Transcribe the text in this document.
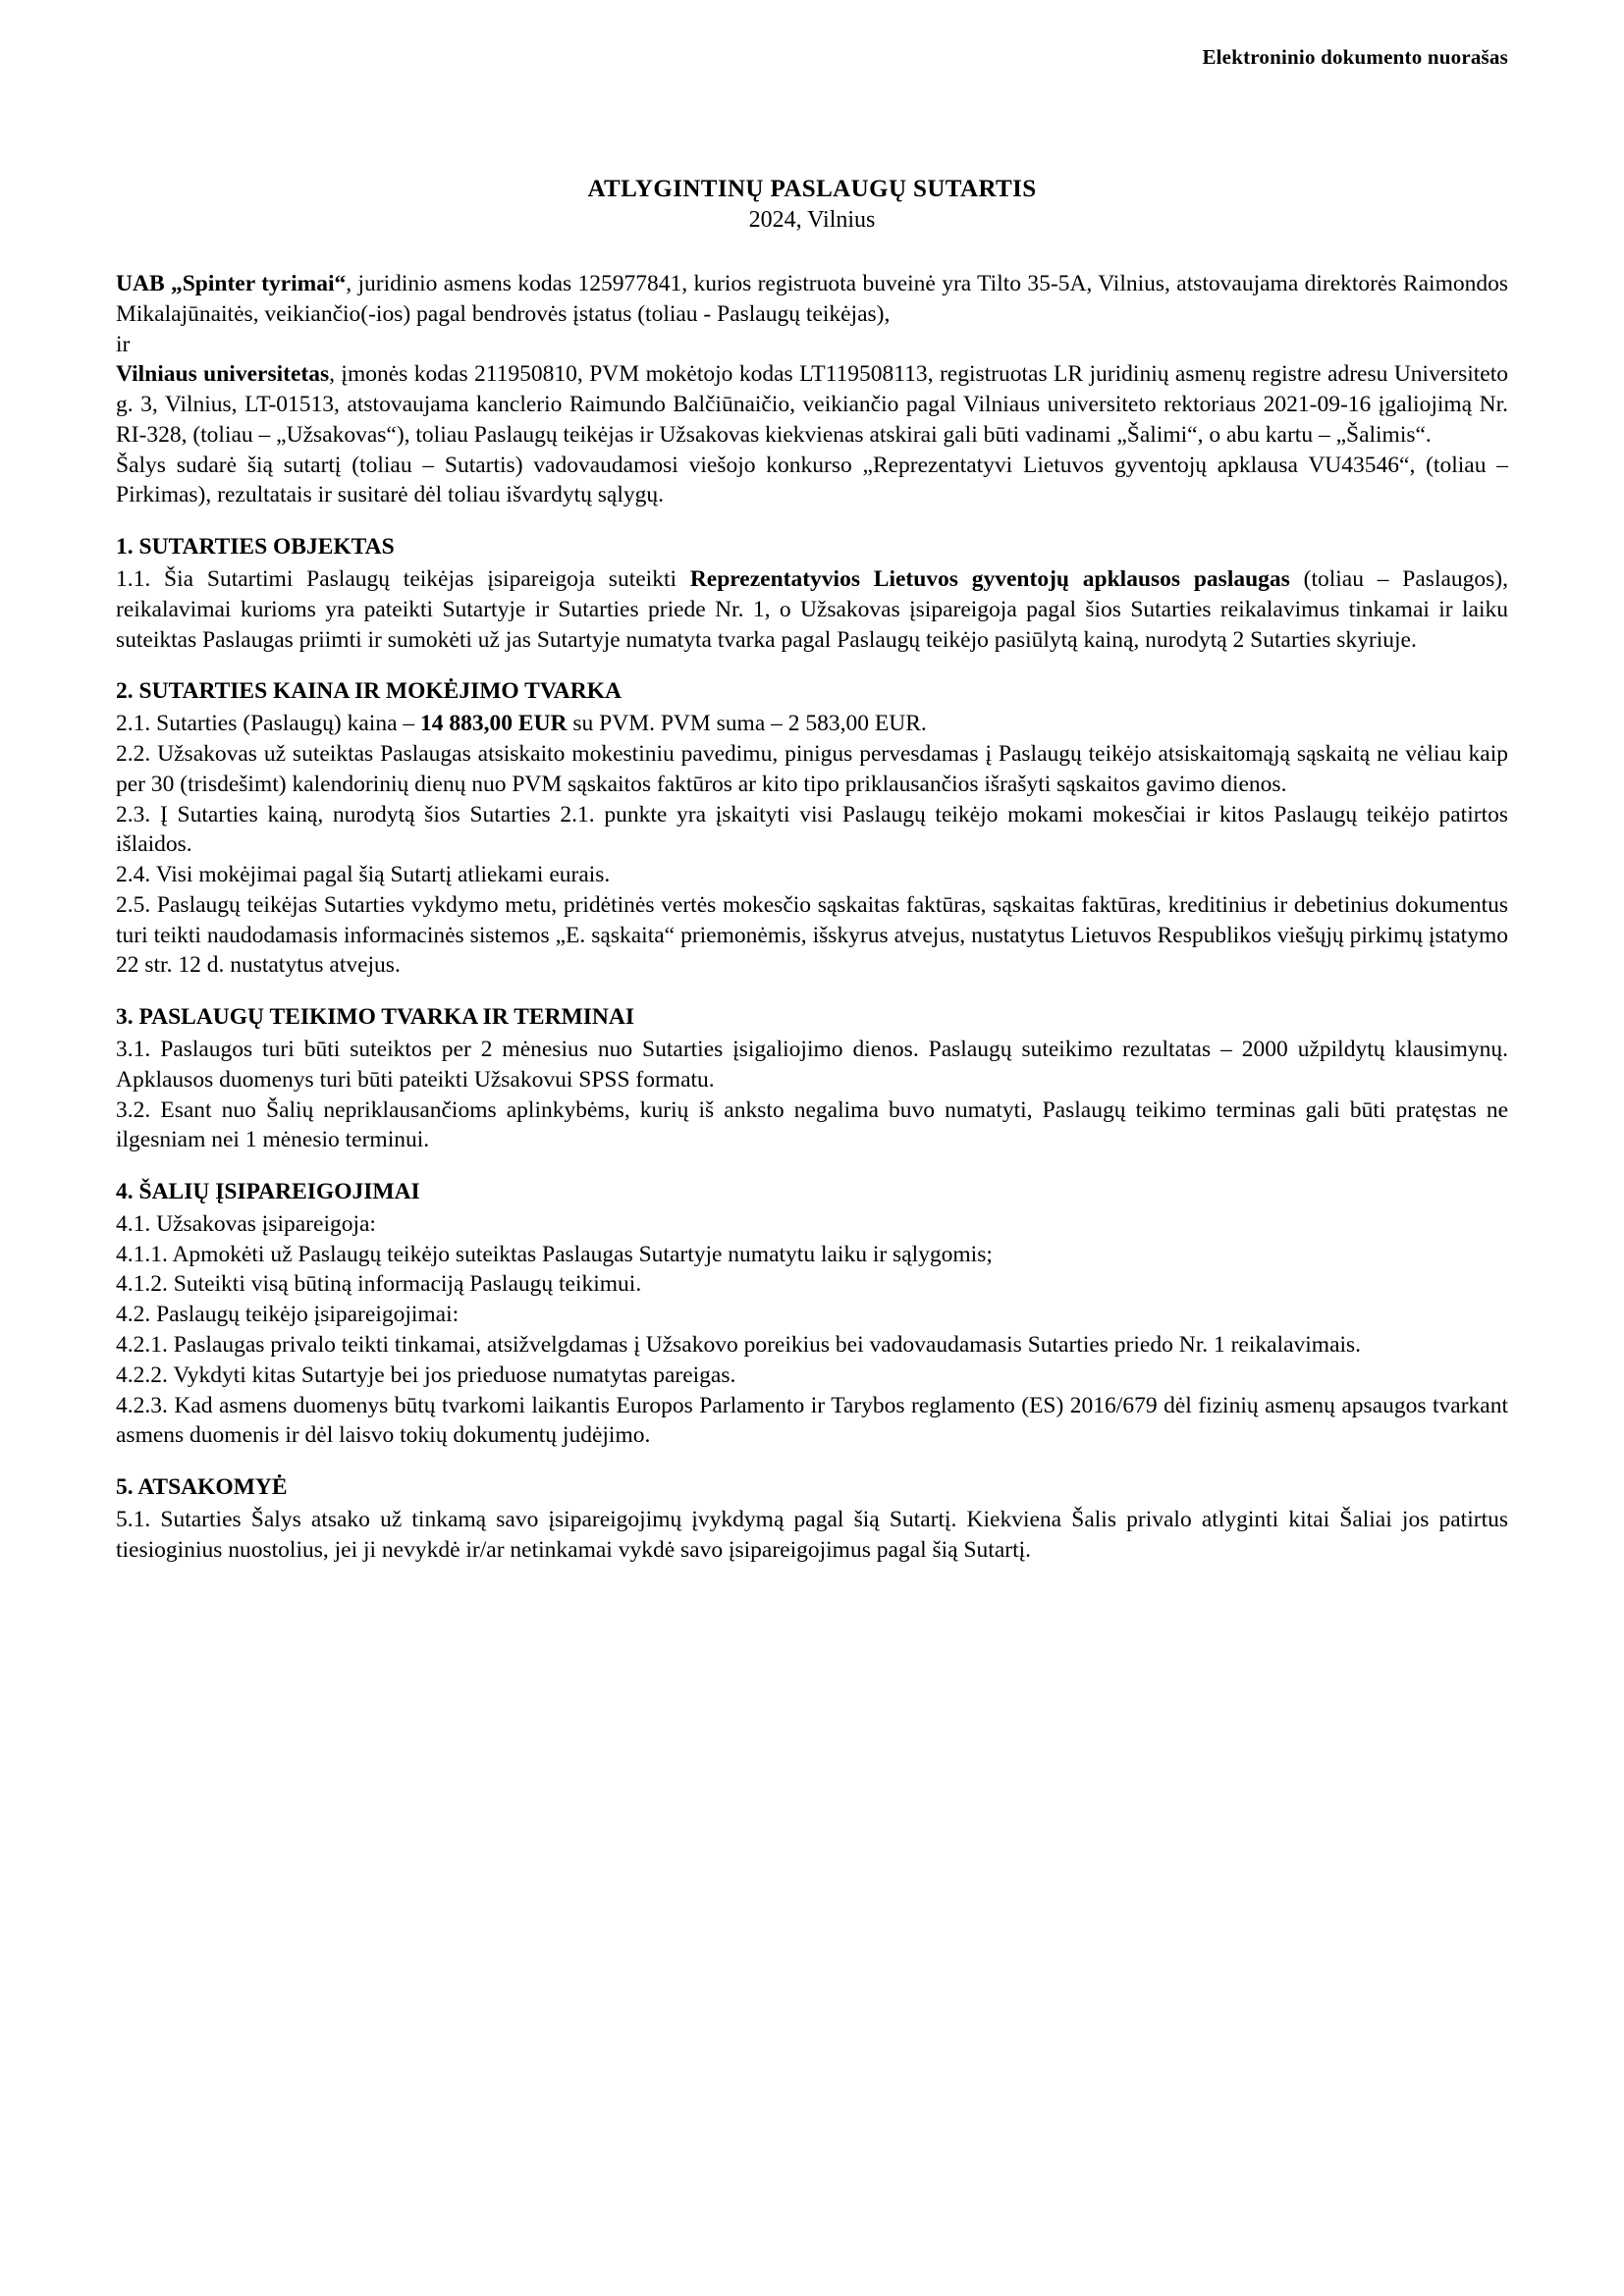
Elektroninio dokumento nuorašas
ATLYGINTINŲ PASLAUGŲ SUTARTIS
2024, Vilnius

UAB „Spinter tyrimai“, juridinio asmens kodas 125977841, kurios registruota buveinė yra Tilto 35-5A, Vilnius, atstovaujama direktorės Raimondos Mikalajūnaitės, veikiančio(-ios) pagal bendrovės įstatus (toliau - Paslaugų teikėjas),

ir

Vilniaus universitetas, įmonės kodas 211950810, PVM mokėtojo kodas LT119508113, registruotas LR juridinių asmenų registre adresu Universiteto g. 3, Vilnius, LT-01513, atstovaujama kanclerio Raimundo Balčiūnaičio, veikiančio pagal Vilniaus universiteto rektoriaus 2021-09-16 įgaliojimą Nr. RI-328, (toliau – „Užsakovas“), toliau Paslaugų teikėjas ir Užsakovas kiekvienas atskirai gali būti vadinami „Šalimi“, o abu kartu – „Šalimis“.

Šalys sudarė šią sutartį (toliau – Sutartis) vadovaudamosi viešojo konkurso „Reprezentatyvi Lietuvos gyventojų apklausa VU43546“, (toliau – Pirkimas), rezultatais ir susitarė dėl toliau išvardytų sąlygų.

1. SUTARTIES OBJEKTAS

1.1. Šia Sutartimi Paslaugų teikėjas įsipareigoja suteikti Reprezentatyvios Lietuvos gyventojų apklausos paslaugas (toliau – Paslaugos), reikalavimai kurioms yra pateikti Sutartyje ir Sutarties priede Nr. 1, o Užsakovas įsipareigoja pagal šios Sutarties reikalavimus tinkamai ir laiku suteiktas Paslaugas priimti ir sumokėti už jas Sutartyje numatyta tvarka pagal Paslaugų teikėjo pasiūlytą kainą, nurodytą 2 Sutarties skyriuje.

2. SUTARTIES KAINA IR MOKĖJIMO TVARKA

2.1. Sutarties (Paslaugų) kaina – 14 883,00 EUR su PVM. PVM suma – 2 583,00 EUR.

2.2. Užsakovas už suteiktas Paslaugas atsiskaito mokestiniu pavedimu, pinigus pervesdamas į Paslaugų teikėjo atsiskaitomąją sąskaitą ne vėliau kaip per 30 (trisdešimt) kalendorinių dienų nuo PVM sąskaitos faktūros ar kito tipo priklausančios išrašyti sąskaitos gavimo dienos.

2.3. Į Sutarties kainą, nurodytą šios Sutarties 2.1. punkte yra įskaityti visi Paslaugų teikėjo mokami mokesčiai ir kitos Paslaugų teikėjo patirtos išlaidos.

2.4. Visi mokėjimai pagal šią Sutartį atliekami eurais.

2.5. Paslaugų teikėjas Sutarties vykdymo metu, pridėtinės vertės mokesčio sąskaitas faktūras, sąskaitas faktūras, kreditinius ir debetinius dokumentus turi teikti naudodamasis informacinės sistemos „E. sąskaita“ priemonėmis, išskyrus atvejus, nustatytus Lietuvos Respublikos viešųjų pirkimų įstatymo 22 str. 12 d. nustatytus atvejus.

3. PASLAUGŲ TEIKIMO TVARKA IR TERMINAI

3.1. Paslaugos turi būti suteiktos per 2 mėnesius nuo Sutarties įsigaliojimo dienos. Paslaugų suteikimo rezultatas – 2000 užpildytų klausimynų. Apklausos duomenys turi būti pateikti Užsakovui SPSS formatu.

3.2. Esant nuo Šalių nepriklausančioms aplinkybėms, kurių iš anksto negalima buvo numatyti, Paslaugų teikimo terminas gali būti pratęstas ne ilgesniam nei 1 mėnesio terminui.

4. ŠALIŲ ĮSIPAREIGOJIMAI

4.1. Užsakovas įsipareigoja:

4.1.1. Apmokėti už Paslaugų teikėjo suteiktas Paslaugas Sutartyje numatytu laiku ir sąlygomis;

4.1.2. Suteikti visą būtiną informaciją Paslaugų teikimui.

4.2. Paslaugų teikėjo įsipareigojimai:

4.2.1. Paslaugas privalo teikti tinkamai, atsižvelgdamas į Užsakovo poreikius bei vadovaudamasis Sutarties priedo Nr. 1 reikalavimais.

4.2.2. Vykdyti kitas Sutartyje bei jos prieduose numatytas pareigas.

4.2.3. Kad asmens duomenys būtų tvarkomi laikantis Europos Parlamento ir Tarybos reglamento (ES) 2016/679 dėl fizinių asmenų apsaugos tvarkant asmens duomenis ir dėl laisvo tokių dokumentų judėjimo.

5. ATSAKOMYĖ

5.1. Sutarties Šalys atsako už tinkamą savo įsipareigojimų įvykdymą pagal šią Sutartį. Kiekviena Šalis privalo atlyginti kitai Šaliai jos patirtus tiesioginius nuostolius, jei ji nevykdė ir/ar netinkamai vykdė savo įsipareigojimus pagal šią Sutartį.
